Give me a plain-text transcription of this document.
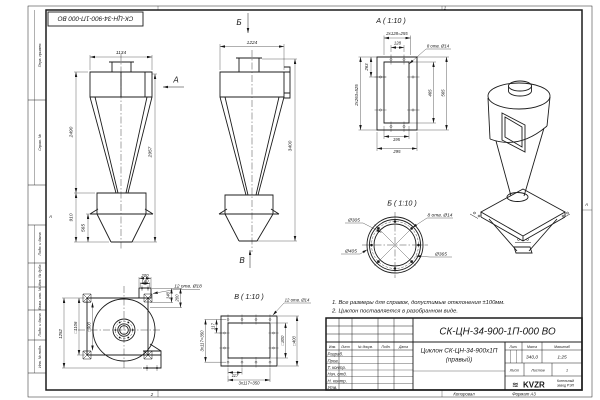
1
2
А
А
Перв. примен.
Справ. №
Подп. и дата
Инв. № дубл.
Взам. инв. №
Подп. и дата
Инв. № подл.
СК-ЦН-34-900-1П-000 ВО
1134
2490
910
565
2957
А
1224
3400
Б
В
А ( 1:10 )
8 отв. Ø14
128
2х128=255
263
2х263=525	465 565
195
295
Б ( 1:10 )
Ø305
Ø405
Ø365
8 отв. Ø14
В ( 1:10 )	12 отв. Ø14
□300 □400
117
3х117=350
117
3х117=350
200
140
12 отв. Ø18
140 200
1252
□1106 □900
1. Все размеры для справок, допустимые отклонения ±100мм.
2. Циклон поставляется в разобранном виде.
СК-ЦН-34-900-1П-000 ВО
Циклон СК-ЦН-34-900х1П
(правый)
Изм. Лист № докум.	Подп.	Дата
Разраб.
Пров.
Т. контр.
Нач. отд.
Н. контр.
Утв.
Лит.	Масса	Масштаб
340,0	1:25
Лист	Листов	1
≋ KVZR	Котельный
завод РЭП
Копировал	Формат А3
